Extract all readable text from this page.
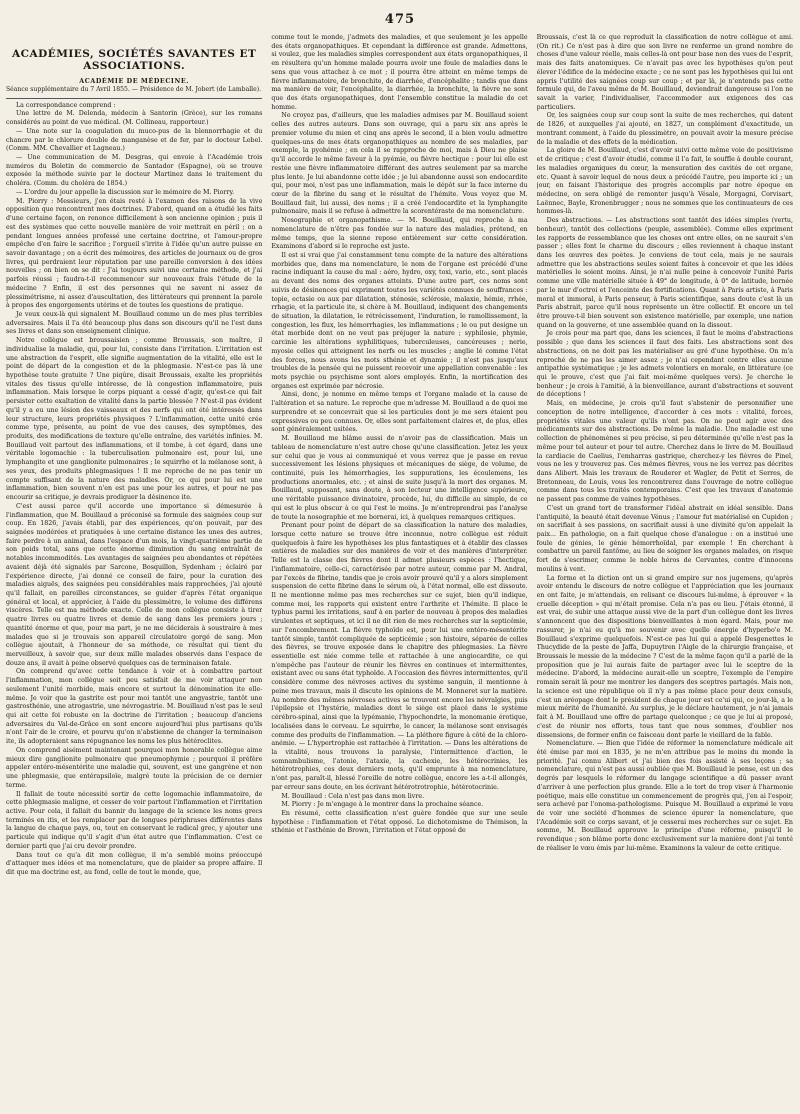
475
ACADÉMIES, SOCIÉTÉS SAVANTES ET ASSOCIATIONS.
ACADÉMIE DE MÉDECINE.

Séance supplémentaire du 7 Avril 1855. — Présidence de M. Jobert (de Lamballe).

La correspondance comprend :

Une lettre de M. Delenda, médecin à Santorin (Grèce), sur les romans considérés au point de vue médical. (M. Collineau, rapporteur.)

— Une note sur la coagulation du muco-pus de la blennorrhagie et du chancre par le chlorure double de manganèse et de fer, par le docteur Lebel. (Comm. MM. Chevallier et Lagneau.)

— Une communication de M. Desgras, qui envoie à l'Académie trois numéros du Boletin de commercio de Santador (Espagne), où se trouve exposée la méthode suivie par le docteur Martinez dans le traitement du choléra. (Comm. du choléra de 1854.)

— L'ordre du jour appelle la discussion sur le mémoire de M. Piorry.

M. Piorry : Messieurs, j'en étais resté à l'examen des raisons de la vive opposition que rencontrent mes doctrines. D'abord, quand on a étudié les faits d'une certaine façon, on renonce difficilement à son ancienne opinion ; puis il est des systèmes que cette nouvelle manière de voir mettrait en péril ; on a pendant longues années professé une certaine doctrine, et l'amour-propre empêche d'en faire le sacrifice ; l'orgueil s'irrite à l'idée qu'un autre puisse en savoir davantage ; on a écrit des mémoires, des articles de journaux ou de gros livres, qui perdraient leur réputation par une pareille conversion à des idées nouvelles ; on bien on se dit : J'ai toujours suivi une certaine méthode, et j'ai parfois réussi ; faudra-t-il recommencer sur nouveaux frais l'étude de la médecine ? Enfin, il est des personnes qui ne savent ni assez de plessimétrisme, ni assez d'auscultation, des littérateurs qui prennent la parole à propos des engorgements utérins et de toutes les questions de pratique.

Je veux ceux-là qui signalent M. Bouillaud comme un de mes plus terribles adversaires. Mais il l'a été beaucoup plus dans son discours qu'il ne l'est dans ses livres et dans son enseignement clinique.

Notre collègue est broussaisien ; comme Broussais, son maître, il individualise la maladie, qui, pour lui, consiste dans l'irritation. L'irritation est une abstraction de l'esprit, elle signifie augmentation de la vitalité, elle est le point de départ de la congestion et de la phlegmasie. N'est-ce pas là une hypothèse toute gratuite ? Une piqûre, disait Broussais, exalte les propriétés vitales des tissus qu'elle intéresse, de là congestion inflammatoire, puis inflammation. Mais lorsque le corps piquant a cessé d'agir, qu'est-ce qui fait persister cette exaltation de vitalité dans la partie blessée ? N'est-il pas évident qu'il y a eu une lésion des vaisseaux et des nerfs qui ont été intéressés dans leur structure, leurs propriétés physiques ? L'inflammation, cette unité crée comme type, présente, au point de vue des causes, des symptômes, des produits, des modifications de texture qu'elle entraîne, des variétés infinies. M. Bouillaud voit partout des inflammations, et il tombe, à cet égard, dans une véritable logomachie : la tuberculisation pulmonaire est, pour lui, une lymphangite et une ganglionite pulmonaires ; le squirrhe et la mélanose sont, à ses yeux, des produits phlegmasiques ! Il me reproche de ne pas tenir un compte suffisant de la nature des maladies. Or, ce qui pour lui est une inflammation, bien souvent n'en est pas une pour les autres, et pour ne pas encourir sa critique, je devrais prodiguer la désinence ite.

C'est aussi parce qu'il accorde une importance si démesurée à l'inflammation, que M. Bouillaud a préconisé sa formule des saignées coup sur coup. En 1826, j'avais établi, par des expériences, qu'on pouvait, par des saignées modérées et pratiquées à une certaine distance les unes des autres, faire perdre à un animal, dans l'espace d'un mois, la vingt-quatrième partie de son poids total, sans que cette énorme diminution du sang entraînât de notables incommodités. Les avantages de saignées peu abondantes et répétées avaient déjà été signalés par Sarcone, Bosquillon, Sydenham ; éclairé par l'expérience directe, j'ai donné ce conseil de faire, pour la curation des maladies aiguës, des saignées peu considérables mais rapprochées, j'ai ajouté qu'il fallait, en pareilles circonstances, se guider d'après l'état organique général et local, et apprécier, à l'aide du plessimètre, le volume des différens viscères. Telle est ma méthode exacte. Celle de mon collègue consiste à tirer quatre livres ou quatre livres et demie de sang dans les premiers jours ; quantité énorme et que, pour ma part, je ne me déciderais à soustraire à mes malades que si je trouvais son appareil circulatoire gorgé de sang. Mon collègue ajoutait, à l'honneur de sa méthode, ce résultat qui tient du merveilleux, à savoir que, sur deux mille malades observés dans l'espace de douze ans, il avait à peine observé quelques cas de terminaison fatale.

On comprend qu'avec cette tendance à voir et à combattre partout l'inflammation, mon collègue soit peu satisfait de me voir attaquer non seulement l'unité morbide, mais encore et surtout la dénomination ite elle-même. Je voir que la gastrite est pour moi tantôt une angyastrie, tantôt une gastrosthénie, une atrogastrie, une névrogastrie. M. Bouillaud n'est pas le seul qui ait cette foi robuste en la doctrine de l'irritation ; beaucoup d'anciens adversaires du Val-de-Grâce en sont encore aujourd'hui plus partisans qu'ils n'ont l'air de le croire, et pourvu qu'on n'abstienne de changer la terminaison ite, ils adopteraient sans répugnance les noms les plus hétéroclites.

On comprend aisément maintenant pourquoi mon honorable collègue aime mieux dire ganglionite pulmonaire que pneumophymie ; pourquoi il préfère appeler entéro-mésentérite une maladie qui, souvent, est une gangrène et non une phlegmasie, que entérapsiloïe, malgré toute la précision de ce dernier terme.

Il fallait de toute nécessité sortir de cette logomachie inflammatoire, de cette phlegmasie maligne, et cesser de voir partout l'inflammation et l'irritation active. Pour cela, il fallait du bannir du langage de la science les noms grecs terminés en itis, et les remplacer par de longues périphrases différentes dans la langue de chaque pays, ou, tout en conservant le radical grec, y ajouter une particule qui indique qu'il s'agit d'un état autre que l'inflammation. C'est ce dernier parti que j'ai cru devoir prendre.

Dans tout ce qu'a dit mon collègue, il m'a semblé moins préoccupé d'attaquer mes idées et ma nomenclature, que de plaider sa propre affaire. Il dit que ma doctrine est, au fond, celle de tout le monde, que,

comme tout le monde, j'admets des maladies, et que seulement je les appelle des états organopathiques. Et cependant la différence est grande. Admettons, si voulez, que les maladies simples correspondent aux états organopathiques, il en résultera qu'un homme malade pourra avoir une foule de maladies dans le sens que vous attachez à ce mot ; il pourra être atteint en même temps de fièvre inflammatoire, de bronchite, de diarrhée, d'encéphalite ; tandis que dans ma manière de voir, l'encéphalite, la diarrhée, la bronchite, la fièvre ne sont que des états organopathiques, dont l'ensemble constitue la maladie de cet homme.

Ne croyez pas, d'ailleurs, que les maladies admises par M. Bouillaud soient celles des autres auteurs. Dans son ouvrage, qui a paru six ans après le premier volume du mien et cinq ans après le second, il a bien voulu admettre quelques-uns de mes états organopathiques au nombre de ses maladies, par exemple, la pyohémie ; en cela il se rapproche de moi, mais à Dieu ne plaise qu'il accorde le même faveur à la pyémie, ou fièvre hectique : pour lui elle est restée une fièvre inflammatoire différant des autres seulement par sa marche plus lente. Je lui abandonne cette idée ; je lui abandonne aussi son endocardite qui, pour moi, n'est pas une inflammation, mais le dépôt sur la face interne du cœur de la fibrine du sang et le résultat de l'hémite. Vous voyez que M. Bouillaud fait, lui aussi, des noms ; il a créé l'endocardite et la lymphangite pulmonaire, mais il se refuse à admettre la scorentéraste de ma nomenclature.

Nosographie et organopathisme. — M. Bouillaud, qui reproche à ma nomenclature de n'être pas fondée sur la nature des maladies, prétend, en même temps, que la sienne repose entièrement sur cette considération. Examinons d'abord si le reproche est juste.

Il est si vrai que j'ai constamment tenu compte de la nature des altérations morbides que, dans ma nomenclature, le nom de l'organe est précédé d'une racine indiquant la cause du mal : aéro, hydro, oxy, toxi, vario, etc., sont placés au devant des noms des organes atteints. D'une autre part, ces noms sont suivis de désinences qui expriment toutes les variétés connues de souffrances : topie, ectasie ou aux par dilatation, sténosie, sclérosie, malaxie, hémie, rrhée, rrhagie, et la particule ite, si chère à M. Bouillaud, indiquent des changements de situation, la dilatation, le rétrécissement, l'induration, le ramollissement, la congestion, les flux, les hémorrhagies, les inflammations ; le ou put designe un état morbide dont on ne veut pas préjuger la nature ; syphilosie, phymie, carcinie les altérations syphilitiques, tuberculeuses, cancéreuses ; nerie, myosie celles qui atteignent les nerfs ou les muscles ; anglie lé comme l'état des forces, nous avons les mots sthénie et dynamie ; il n'est pas jusqu'aux troubles de la pensée qui ne puissent recevoir une appellation convenable : les mots psychie ou psychisme sont alors employés. Enfin, la mortification des organes est exprimée par nécrosie.

Ainsi, donc, je nomme en même temps et l'organe malade et la cause de l'altération et sa nature. Le reproche que m'adresse M. Bouillaud a de quoi me surprendre et se concevrait que si les particules dont je me sers étaient peu expressives ou peu connues. Or, elles sont parfaitement claires et, de plus, elles sont généralement usitées.

M. Bouillaud me blâme aussi de n'avoir pas de classification. Mais un tableau de nomenclature n'est autre chose qu'une classification. Jetez les yeux sur celui que je vous ai communiqué et vous verrez que je passe en revue successivement les lésions physiques et mécaniques de siège, de volume, de continuité, puis les hémorrhagies, les suppurations, les écoulemens, les productions anormales, etc. ; et ainsi de suite jusqu'à la mort des organes. M. Bouillaud, supposant, sans doute, à son lecteur une intelligence supérieure, une véritable puissance divinatoire, procède, lui, du difficile au simple, de ce qui est le plus obscur à ce qui l'est le moins. Je m'entreprendrai pas l'analyse de toute la nosographie et me bornerai, ici, à quelques remarques critiques.

Prenant pour point de départ de sa classification la nature des maladies, lorsque cette nature se trouve être inconnue, notre collègue est réduit quelquefois à faire les hypothèses les plus fantastiques et à établir des classes entières de maladies sur des manières de voir et des manières d'interpréter. Telle est la classe des fièvres dont il admet plusieurs espèces : l'hectique, l'inflammatoire, celle-ci, caractérisée par notre auteur, comme par M. Andral, par l'excès de fibrine, tandis que je crois avoir prouvé qu'il y a alors simplement suspension de cette fibrine dans le sérum où, à l'état normal, elle est dissoute. Il ne mentionne même pas mes recherches sur ce sujet, bien qu'il indique, comme moi, les rapports qui existent entre l'arthrite et l'hémite. Il place le typhus parmi les irritations, sauf à en parler de nouveau à propos des maladies virulentes et septiques, et ici il ne dit rien de mes recherches sur la septicémie, sur l'encombrement. La fièvre typhoïde est, pour lui une entéro-mésentérite tantôt simple, tantôt compliquée de septicémie ; son histoire, séparée de celles des fièvres, se trouve exposée dans le chapitre des phlegmasies. La fièvre essentielle est niée comme telle et rattachée à une angiocardite, ce qui n'empêche pas l'auteur de réunir les fièvres en continues et intermittentes, existant avec ou sans état typhoïde. A l'occasion des fièvres intermittentes, qu'il considère comme des névroses actives du système sanguin, il mentionne à peine mes travaux, mais il discute les opinions de M. Monneret sur la matière. Au nombre des mêmes névroses actives se trouvent encore les névralgies, puis l'épilepsie et l'hystérie, maladies dont le siège est placé dans le système cérébro-spinal, ainsi que la lypémanie, l'hypochondrie, la monomanie érotique, localisées dans le cerveau. Le squirrhe, le cancer, la mélanose sont envisagés comme des produits de l'inflammation. — La pléthore figure à côté de la chloro-anémie. — L'hypertrophie est rattachée à l'irritation. — Dans les altérations de la vitalité, nous trouvons la paralysie, l'intermittence d'action, le somnambulisme, l'atonie, l'ataxie, la cachexie, les hétérocrinies, les hétérotrophies, ces deux derniers mots, qu'il emprunte à ma nomenclature, n'ont pas, paraît-il, blessé l'oreille de notre collègue, encore les a-t-il allongés, par erreur sans doute, en les écrivant hétérotrotrophie, hétérotocrinie.

M. Bouillaud : Cela n'est pas dans mon livre.

M. Piorry : Je m'engage à le montrer dans la prochaine séance.

En résumé, cette classification n'est guère fondée que sur une seule hypothèse : l'inflammation et l'état opposé. Le dichotomisme de Thémison, la sthénie et l'asthénie de Brown, l'irritation et l'état opposé de

Broussais, c'est là ce que reproduit la classification de notre collègue et ami. (On rit.) Ce n'est pas à dire que son livre ne renferme un grand nombre de choses d'une valeur réelle, mais celles-là ont pour base non des vues de l'esprit, mais des faits anatomiques. Ce n'avait pas avec les hypothèses qu'on peut élever l'édifice de la médecine exacte ; ce ne sont pas les hypothèses qui lui ont appris l'utilité des saignées coup sur coup ; et par là, je n'entends pas cette formule qui, de l'aveu même de M. Bouillaud, deviendrait dangereuse si l'on ne savait la varier, l'individualiser, l'accommoder aux exigences des cas particuliers.

Or, les saignées coup sur coup sont la suite de mes recherches, qui datent de 1826, et auxquelles j'ai ajouté, en 1827, un complément d'exactitude, un montrant comment, à l'aide du plessimètre, on pouvait avoir la mesure précise de la maladie et des effets de la médication.

La gloire de M. Bouillaud, c'est d'avoir suivi cette même voie de positivisme et de critique ; c'est d'avoir étudié, comme il l'a fait, le souffle à double courant, les maladies organiques du cœur, la mensuration des cavités de cet organe, etc. Quant à savoir lequel de nous deux a précédé l'autre, peu importe ici ; un jour, en faisant l'historique des progrès accomplis par notre époque en médecine, on sera obligé de remonter jusqu'à Vésale, Morgagni, Corvisart, Laënnec, Bayle, Kronenbrugger ; nous ne sommes que les continuateurs de ces hommes-là.

Des abstractions. — Les abstractions sont tantôt des idées simples (vertu, bonheur), tantôt des collections (peuple, assemblée). Comme elles expriment les rapports de ressemblance que les choses ont entre elles, on ne saurait s'en passer ; elles font le charme du discours ; elles reviennent à chaque instant dans les œuvres des poètes. Je conviens de tout cela, mais je ne saurais admettre que les abstractions seules soient faites à concevoir et que les idées matérielles le soient moins. Ainsi, je n'ai nulle peine à concevoir l'unité Paris comme une ville matérielle située à 49° de longitude, à 0° de latitude, bornée par le mur d'octroi et l'enceinte des fortifications. Quant à Paris artiste, à Paris moral et immoral, à Paris penseur, à Paris scientifique, sans doute c'est là un Paris abstrait, parce qu'il nous représente un être collectif. Et encore un tel être prouve-t-il bien souvent son existence matérielle, par exemple, une nation quand on la gouverne, et une assemblée quand on la dissout.

Je crois pour ma part que, dans les sciences, il faut le moins d'abstractions possible ; que dans les sciences il faut des faits. Les abstractions sont des abstractions, on ne doit pas les matérialiser au gré d'une hypothèse. On m'a reproché de ne pas les aimer assez ; je n'ai cependant contre elles aucune antipathie systématique ; je les admets volontiers en morale, en littérature (ce qui le prouve, c'est que j'ai fait moi-même quelques vers). Je cherche le bonheur ; je crois à l'amitié, à la bienveillance, aurant d'abstractions et souvent de déceptions !

Mais, en médecine, je crois qu'il faut s'abstenir de personnifier une conception de notre intelligence, d'accorder à ces mots : vitalité, forces, propriétés vitales une valeur qu'ils n'ont pas. On ne peut agir avec des médicaments sur des abstractions. De même la maladie. Une maladie est une collection de phénomènes si peu précise, si peu déterminée qu'elle n'est pas la même pour tel auteur et pour tel autre. Cherchez dans le livre de M. Bouillaud la cardiacie de Caelius, l'emharras gastrique, cherchez-y les fièvres de Pinel, vous ne les y trouverez pas. Ces mêmes fièvres, vous ne les verrez pas décrites dans Alibert. Mais les travaux de Rouderer et Wagler, de Petit et Serres, de Bretonneau, de Louis, vous les rencontrerez dans l'ouvrage de notre collègue comme dans tous les traités contemporains. C'est que les travaux d'anatomie ne passent pas comme de vaines hypothèses.

C'est un grand tort de transformer l'idéal abstrait en idéal sensible. Dans l'antiquité, la beauté était devenue Vénus ; l'amour fut matérialisé en Cupidon ; on sacrifiait à ses passions, on sacrifiait aussi à une divinité qu'on appelait la paix... En pathologie, on a fait quelque chose d'analogue : on a institué une foule de génies, le génie hémorrhoïdal, par exemple ! En cherchant à combattre un pareil fantôme, au lieu de soigner les organes malades, on risque fort de s'escrimer, comme le noble héros de Cervantes, contre d'innocens moulins à vent.

La forme et la diction ont un si grand empire sur nos jugemens, qu'après avoir entendu le discours de notre collègue et l'appréciation que les journaux en ont faite, je m'attendais, en relisant ce discours lui-même, à éprouver « la cruelle déception » qui m'était promise. Cela n'a pas eu lieu. J'étais étonné, il est vrai, de subir une attaque aussi vive de la part d'un collègue dont les livres s'annoncent que des dispositions bienveillantes à mon égard. Mais, pour me rassurer, je n'ai eu qu'à me souvenir avec quelle énergie d'hyperbo'e M. Bouillaud s'exprime quelquefois. N'est-ce pas lui qui a appelé Desgenettes le Thucydide de la peste de Jaffa, Dupuytren l'Aigle de la chirurgie française, et Broussais le messie de la médecine ? C'est de la même façon qu'il a parlé de la proposition que je lui aurais faite de partager avec lui le sceptre de la médecine. D'abord, la médecine aurait-elle un sceptre, l'exemple de l'empire romain serait là pour me montrer les dangers des sceptres partagés. Mais non, la science est une république où il n'y a pas même place pour deux consuls, c'est un aréopage dont le président de chaque jour est ce'ui qui, ce jour-là, a le mieux mérité de l'humanité. Au surplus, je le déclare hautement, je n'ai jamais fait à M. Bouillaud une offre de partage quelconque ; ce que je lui ai proposé, c'est de réunir nos efforts, tous tant que nous sommes, d'oublier nos dissensions, de former enfin ce faisceau dont parle le vieillard de la fable.

Nomenclature. — Bien que l'idée de réformer la nomenclature médicale ait été émise par moi en 1835, je ne m'en attribue pas le moins du monde la priorité. J'ai connu Alibert et j'ai bien des fois assisté à ses leçons ; sa nomenclature, qui n'est pas aussi oubliée que M. Bouillaud le pense, est un des degrés par lesquels le réformer du langage scientifique a dû passer avant d'arriver à une perfection plus grande. Elle a le tort de trop viser à l'harmonie poétique, mais elle constitue un commencement de progrès qui, j'en ai l'espoir, sera achevé par l'onoma-pathologisme. Puisque M. Bouillaud a exprimé le vœu de voir une société d'hommes de science épurer la nomenclature, que l'Académie soit ce corps savant, et je cesserai mes recherches sur ce sujet. En somme, M. Bouillaud approuve le principe d'une réforme, puisqu'il le revendique ; son blâme porte donc exclusivement sur la manière dont j'ai tenté de réaliser le vœu émis par lui-même. Examinons la valeur de cette critique.
